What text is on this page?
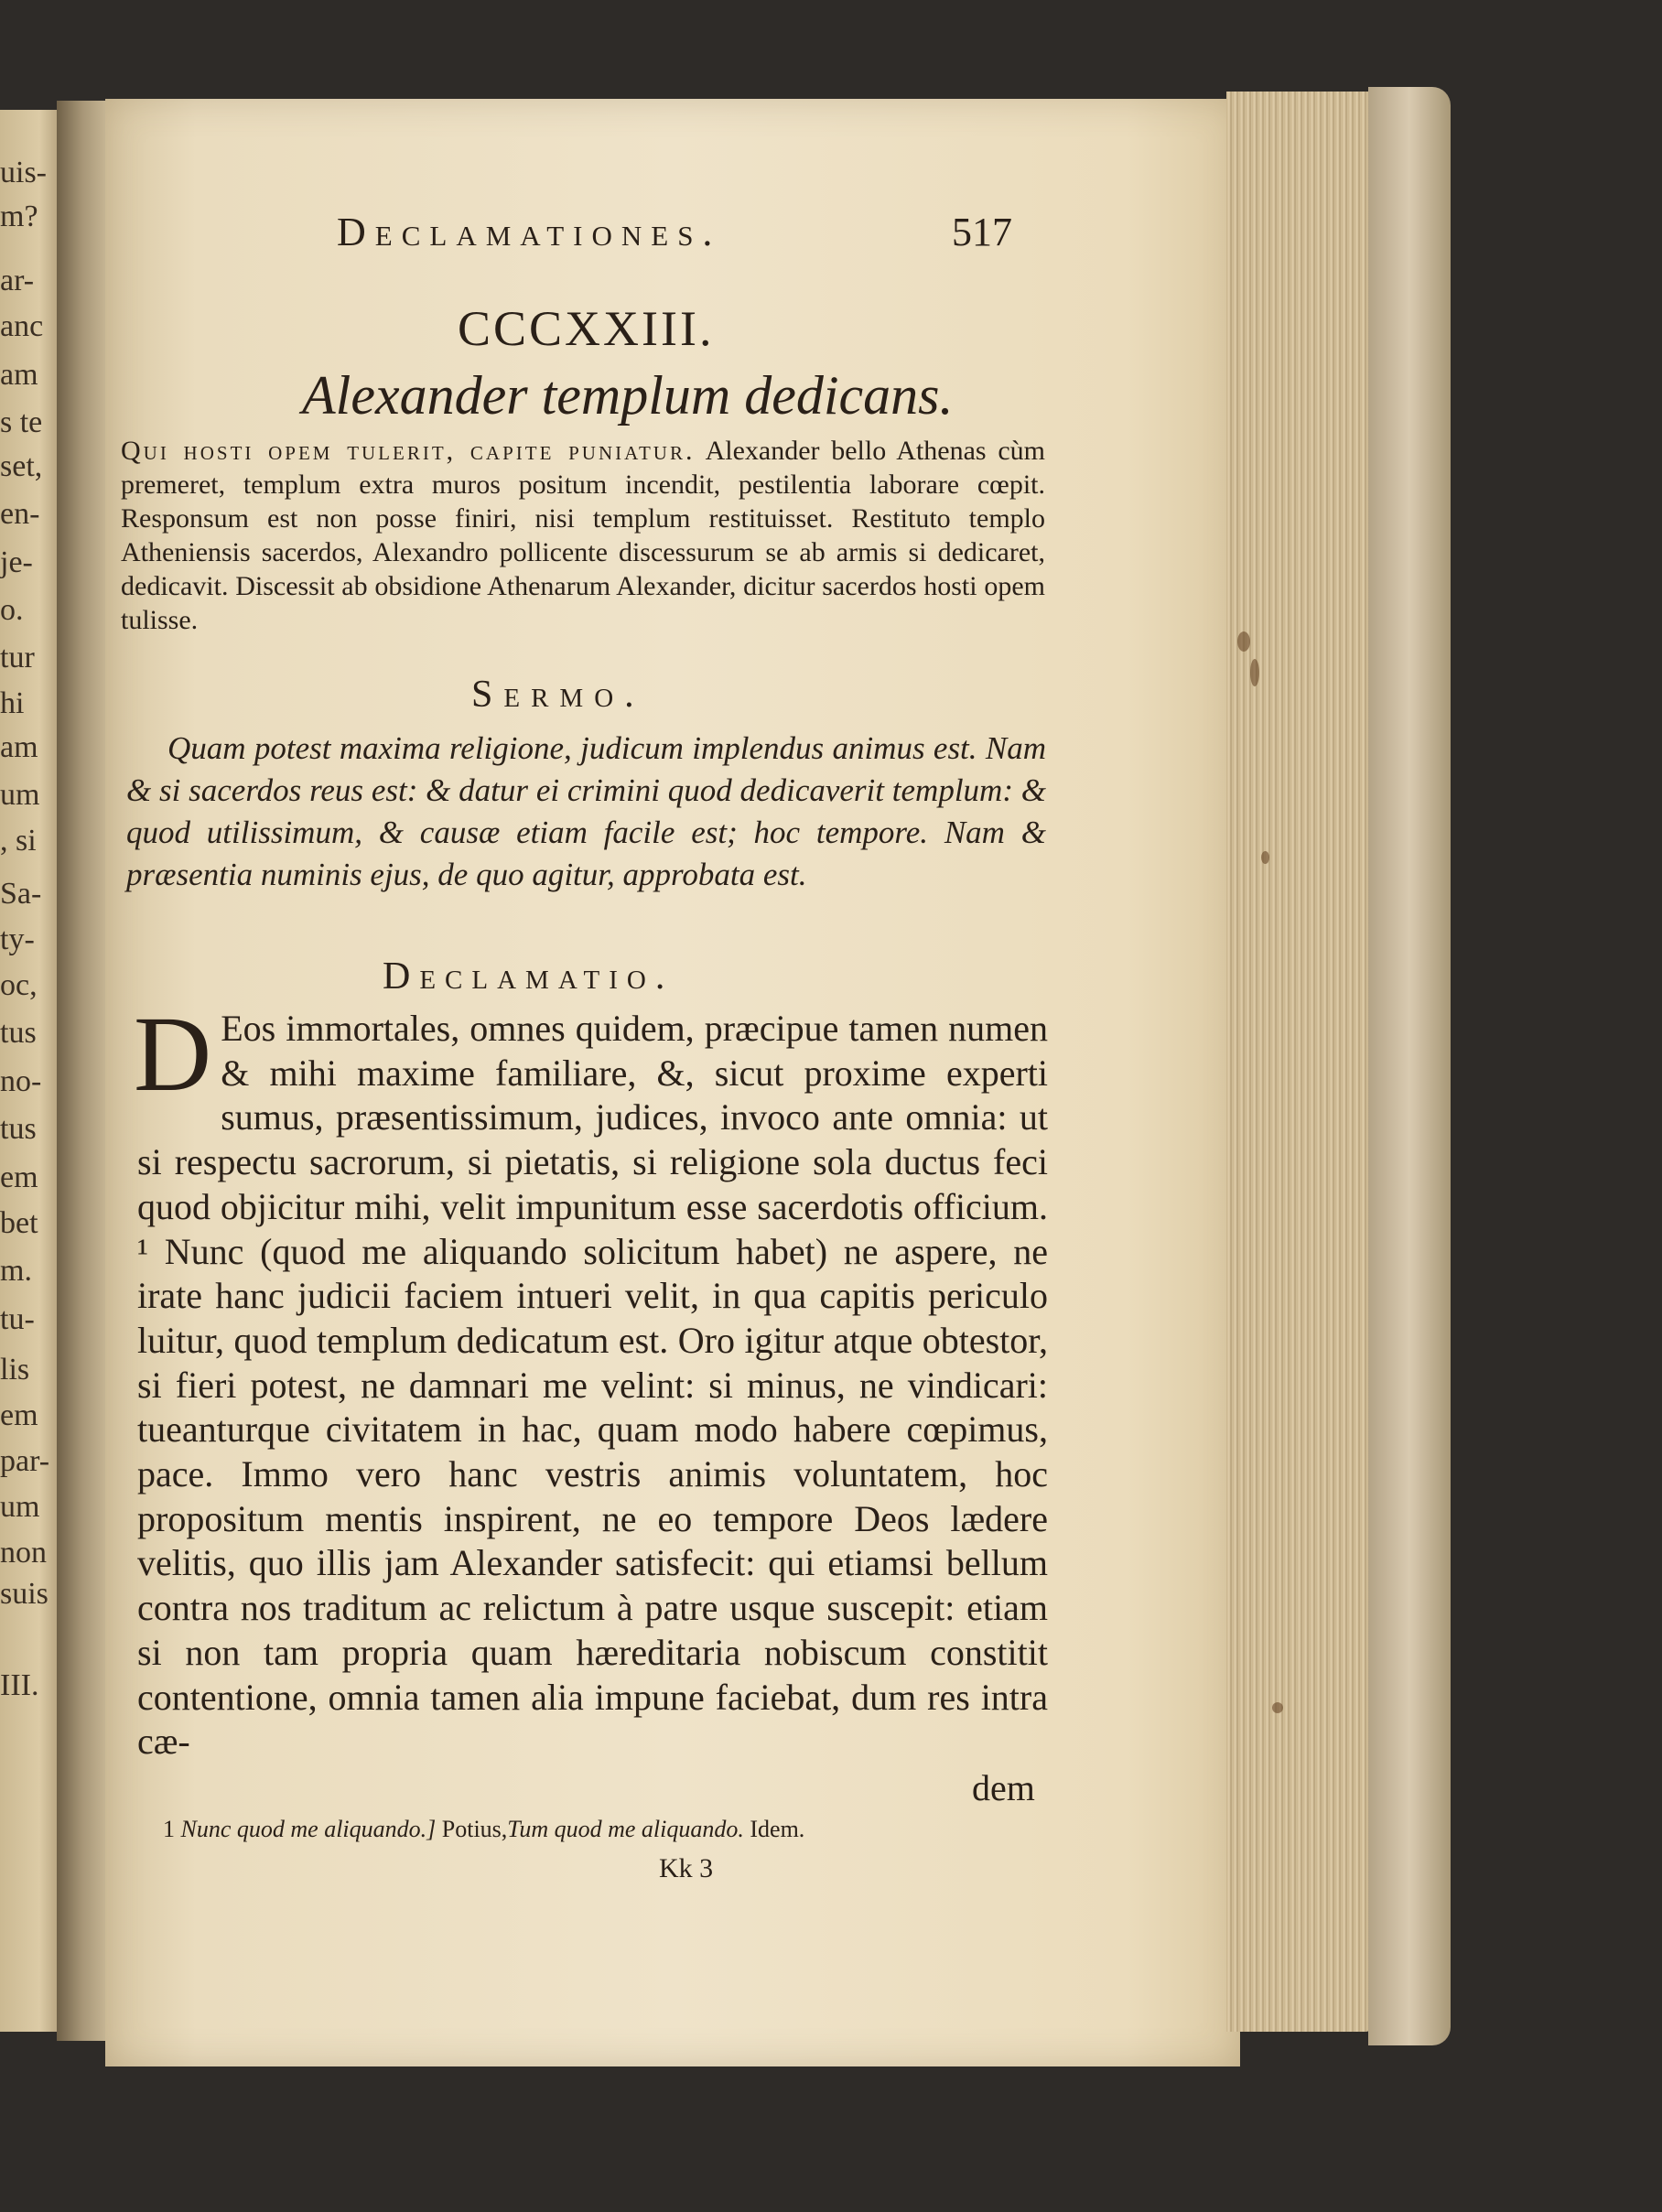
uis-
m?
ar-
anc
am
s te
set,
en-
je-
o.
tur
hi
am
um
, si
Sa-
ty-
oc,
tus
no-
tus
em
bet
m.
tu-
lis
em
par-
um
non
suis
III.
Declamationes.	517
CCCXXIII.
Alexander templum dedicans.
Qui hosti opem tulerit, capite puniatur. Alexander bello Athenas cùm premeret, templum extra muros positum incendit, pestilentia laborare cœpit. Responsum est non posse finiri, nisi templum restituisset. Restituto templo Atheniensis sacerdos, Alexandro pollicente discessurum se ab armis si dedicaret, dedicavit. Discessit ab obsidione Athenarum Alexander, dicitur sacerdos hosti opem tulisse.
Sermo.
Quam potest maxima religione, judicum implendus animus est. Nam & si sacerdos reus est: & datur ei crimini quod dedicaverit templum: & quod utilissimum, & causæ etiam facile est; hoc tempore. Nam & præsentia numinis ejus, de quo agitur, approbata est.
Declamatio.
D Eos immortales, omnes quidem, præcipue tamen numen & mihi maxime familiare, &, sicut proxime experti sumus, præsentissimum, judices, invoco ante omnia: ut si respectu sacrorum, si pietatis, si religione sola ductus feci quod objicitur mihi, velit impunitum esse sacerdotis officium. ¹ Nunc (quod me aliquando solicitum habet) ne aspere, ne irate hanc judicii faciem intueri velit, in qua capitis periculo luitur, quod templum dedicatum est. Oro igitur atque obtestor, si fieri potest, ne damnari me velint: si minus, ne vindicari: tueanturque civitatem in hac, quam modo habere cœpimus, pace. Immo vero hanc vestris animis voluntatem, hoc propositum mentis inspirent, ne eo tempore Deos lædere velitis, quo illis jam Alexander satisfecit: qui etiamsi bellum contra nos traditum ac relictum à patre usque suscepit: etiam si non tam propria quam hæreditaria nobiscum constitit contentione, omnia tamen alia impune faciebat, dum res intra cæ-
dem
1 Nunc quod me aliquando.] Potius,Tum quod me aliquando. Idem.
Kk 3
